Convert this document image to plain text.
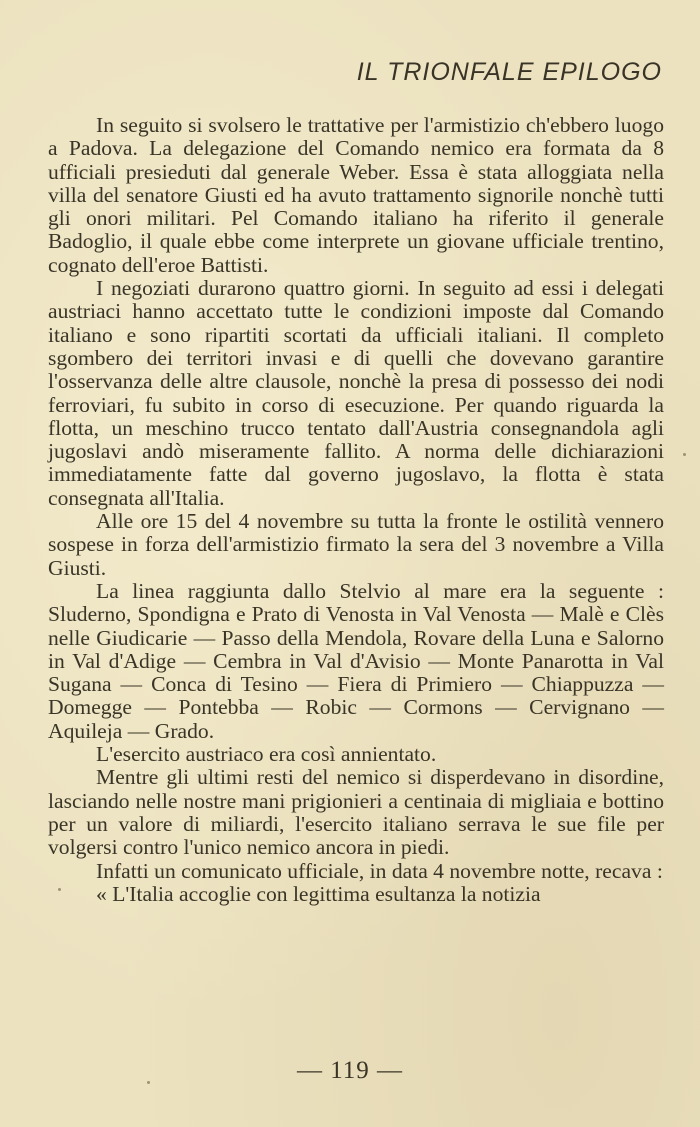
IL TRIONFALE EPILOGO

In seguito si svolsero le trattative per l'armistizio ch'ebbero luogo a Padova. La delegazione del Comando nemico era formata da 8 ufficiali presieduti dal generale Weber. Essa è stata alloggiata nella villa del senatore Giusti ed ha avuto trattamento signorile nonchè tutti gli onori militari. Pel Comando italiano ha riferito il generale Badoglio, il quale ebbe come interprete un giovane ufficiale trentino, cognato dell'eroe Battisti.

I negoziati durarono quattro giorni. In seguito ad essi i delegati austriaci hanno accettato tutte le condizioni imposte dal Comando italiano e sono ripartiti scortati da ufficiali italiani. Il completo sgombero dei territori invasi e di quelli che dovevano garantire l'osservanza delle altre clausole, nonchè la presa di possesso dei nodi ferroviari, fu subito in corso di esecuzione. Per quando riguarda la flotta, un meschino trucco tentato dall'Austria consegnandola agli jugoslavi andò miseramente fallito. A norma delle dichiarazioni immediatamente fatte dal governo jugoslavo, la flotta è stata consegnata all'Italia.

Alle ore 15 del 4 novembre su tutta la fronte le ostilità vennero sospese in forza dell'armistizio firmato la sera del 3 novembre a Villa Giusti.

La linea raggiunta dallo Stelvio al mare era la seguente : Sluderno, Spondigna e Prato di Venosta in Val Venosta — Malè e Clès nelle Giudicarie — Passo della Mendola, Rovare della Luna e Salorno in Val d'Adige — Cembra in Val d'Avisio — Monte Panarotta in Val Sugana — Conca di Tesino — Fiera di Primiero — Chiappuzza — Domegge — Pontebba — Robic — Cormons — Cervignano — Aquileja — Grado.

L'esercito austriaco era così annientato.

Mentre gli ultimi resti del nemico si disperdevano in disordine, lasciando nelle nostre mani prigionieri a centinaia di migliaia e bottino per un valore di miliardi, l'esercito italiano serrava le sue file per volgersi contro l'unico nemico ancora in piedi.

Infatti un comunicato ufficiale, in data 4 novembre notte, recava :

« L'Italia accoglie con legittima esultanza la notizia

— 119 —
